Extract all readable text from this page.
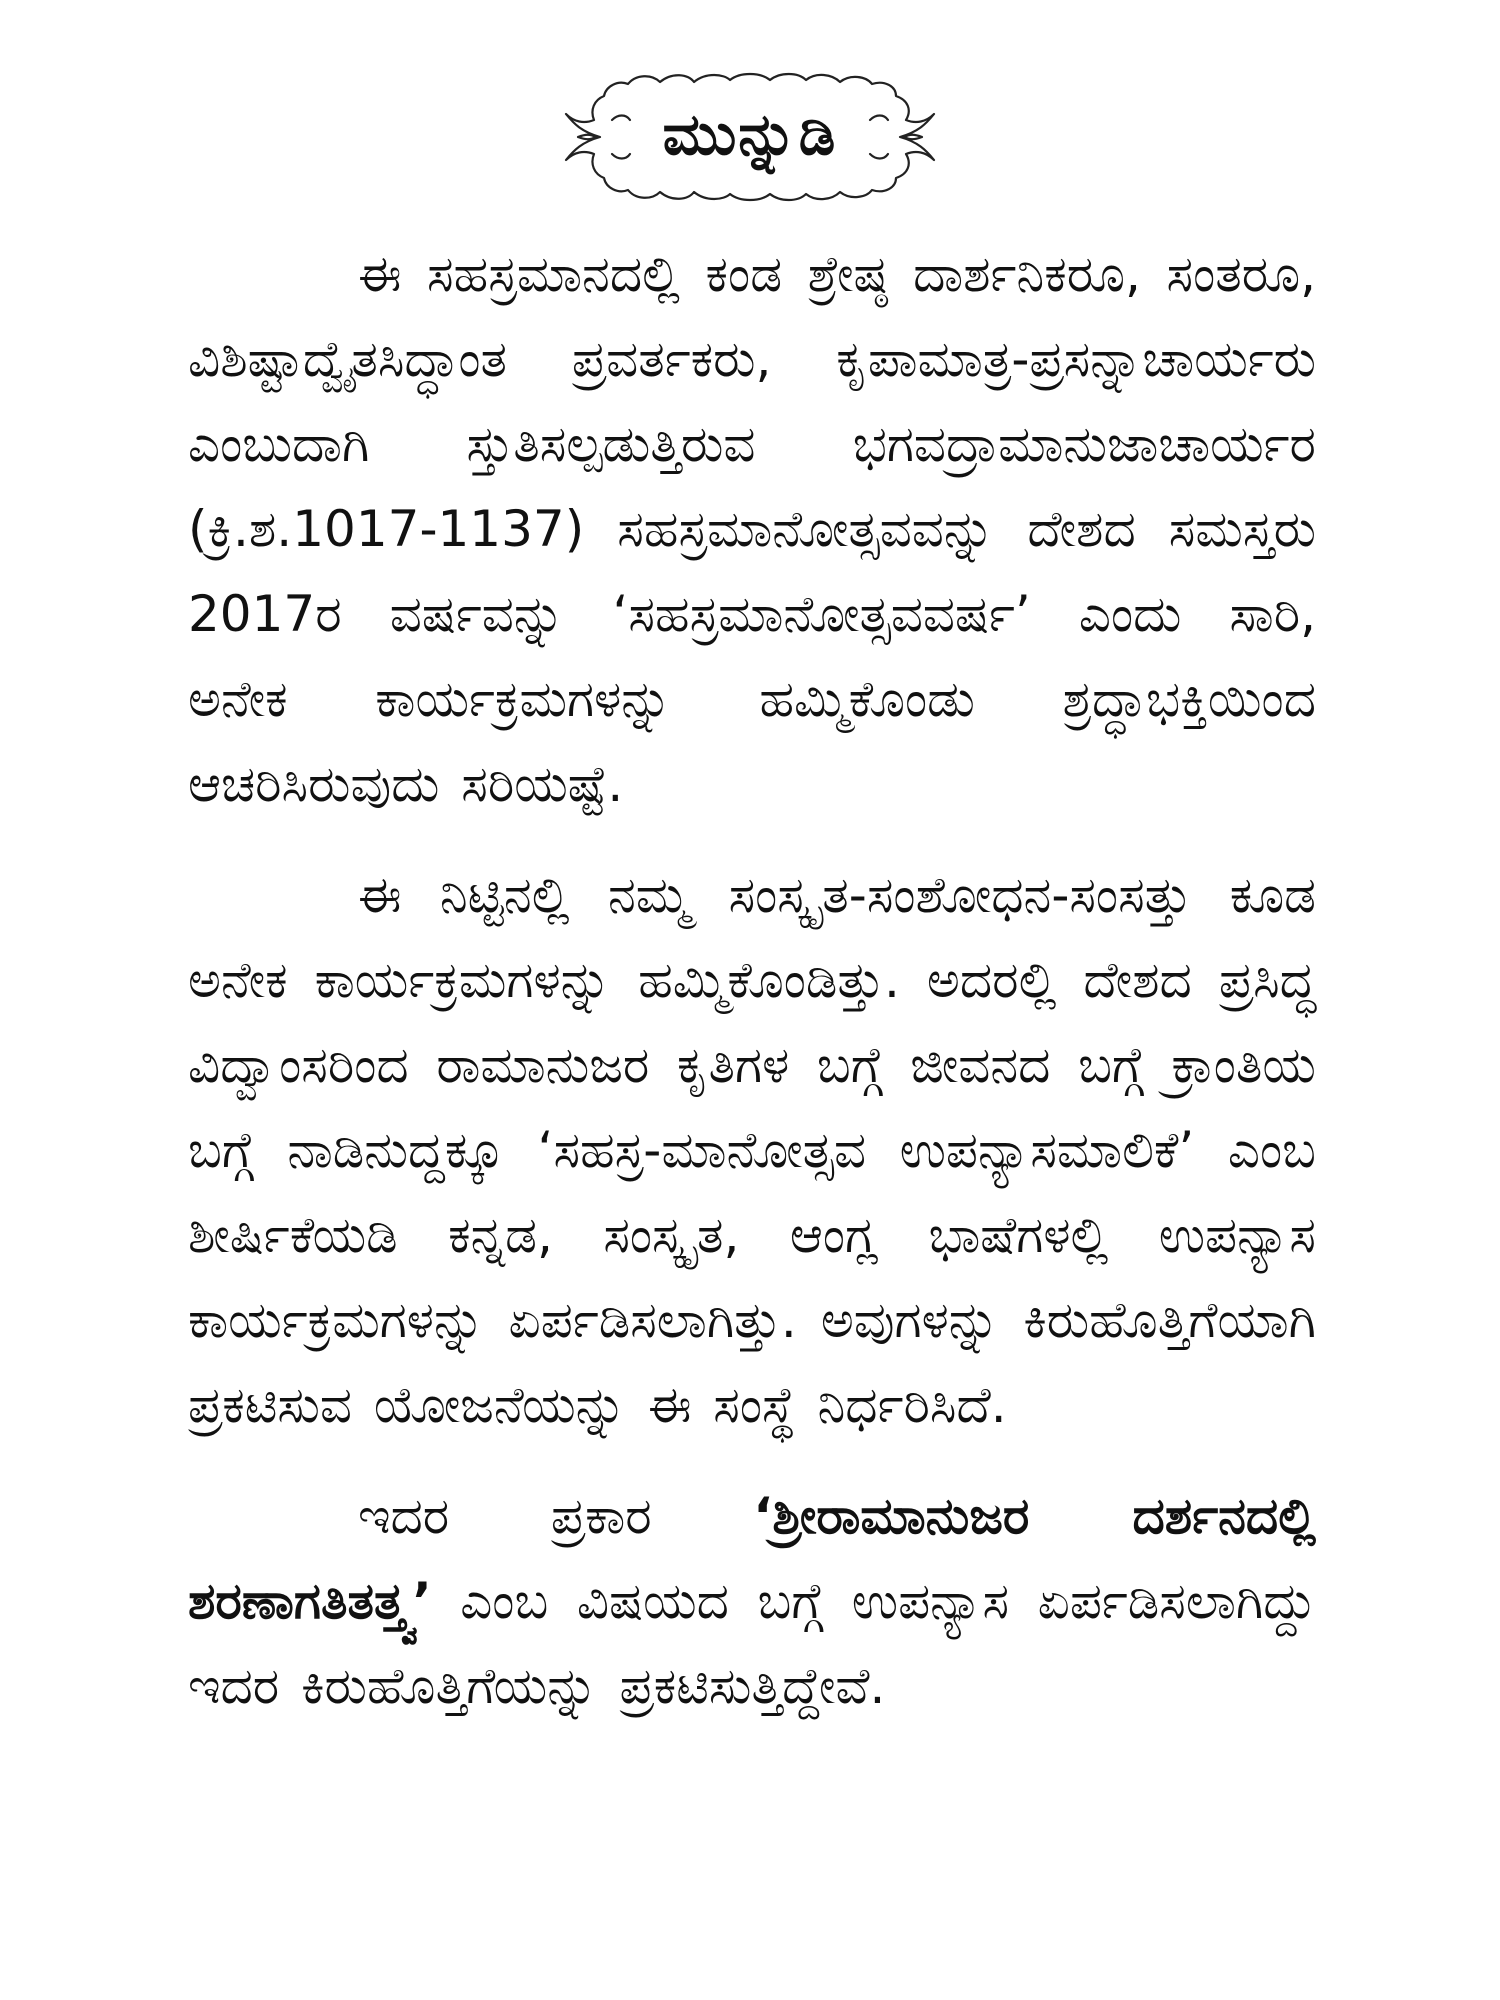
ಮುನ್ನುಡಿ

ಈ ಸಹಸ್ರಮಾನದಲ್ಲಿ ಕಂಡ ಶ್ರೇಷ್ಠ ದಾರ್ಶನಿಕರೂ, ಸಂತರೂ, ವಿಶಿಷ್ಟಾದ್ವೈತಸಿದ್ಧಾಂತ ಪ್ರವರ್ತಕರು, ಕೃಪಾಮಾತ್ರ-ಪ್ರಸನ್ನಾಚಾರ್ಯರು ಎಂಬುದಾಗಿ ಸ್ತುತಿಸಲ್ಪಡುತ್ತಿರುವ ಭಗವದ್ರಾಮಾನುಜಾಚಾರ್ಯರ (ಕ್ರಿ.ಶ.1017-1137) ಸಹಸ್ರಮಾನೋತ್ಸವವನ್ನು ದೇಶದ ಸಮಸ್ತರು 2017ರ ವರ್ಷವನ್ನು ‘ಸಹಸ್ರಮಾನೋತ್ಸವವರ್ಷ’ ಎಂದು ಸಾರಿ, ಅನೇಕ ಕಾರ್ಯಕ್ರಮಗಳನ್ನು ಹಮ್ಮಿಕೊಂಡು ಶ್ರದ್ಧಾಭಕ್ತಿಯಿಂದ ಆಚರಿಸಿರುವುದು ಸರಿಯಷ್ಟೆ.

ಈ ನಿಟ್ಟಿನಲ್ಲಿ ನಮ್ಮ ಸಂಸ್ಕೃತ-ಸಂಶೋಧನ-ಸಂಸತ್ತು ಕೂಡ ಅನೇಕ ಕಾರ್ಯಕ್ರಮಗಳನ್ನು ಹಮ್ಮಿಕೊಂಡಿತ್ತು. ಅದರಲ್ಲಿ ದೇಶದ ಪ್ರಸಿದ್ಧ ವಿದ್ವಾಂಸರಿಂದ ರಾಮಾನುಜರ ಕೃತಿಗಳ ಬಗ್ಗೆ ಜೀವನದ ಬಗ್ಗೆ ಕ್ರಾಂತಿಯ ಬಗ್ಗೆ ನಾಡಿನುದ್ದಕ್ಕೂ ‘ಸಹಸ್ರ-ಮಾನೋತ್ಸವ ಉಪನ್ಯಾಸಮಾಲಿಕೆ’ ಎಂಬ ಶೀರ್ಷಿಕೆಯಡಿ ಕನ್ನಡ, ಸಂಸ್ಕೃತ, ಆಂಗ್ಲ ಭಾಷೆಗಳಲ್ಲಿ ಉಪನ್ಯಾಸ ಕಾರ್ಯಕ್ರಮಗಳನ್ನು ಏರ್ಪಡಿಸಲಾಗಿತ್ತು. ಅವುಗಳನ್ನು ಕಿರುಹೊತ್ತಿಗೆಯಾಗಿ ಪ್ರಕಟಿಸುವ ಯೋಜನೆಯನ್ನು ಈ ಸಂಸ್ಥೆ ನಿರ್ಧರಿಸಿದೆ.

ಇದರ ಪ್ರಕಾರ ‘ಶ್ರೀರಾಮಾನುಜರ ದರ್ಶನದಲ್ಲಿ ಶರಣಾಗತಿತತ್ತ್ವ’ ಎಂಬ ವಿಷಯದ ಬಗ್ಗೆ ಉಪನ್ಯಾಸ ಏರ್ಪಡಿಸಲಾಗಿದ್ದು ಇದರ ಕಿರುಹೊತ್ತಿಗೆಯನ್ನು ಪ್ರಕಟಿಸುತ್ತಿದ್ದೇವೆ.
